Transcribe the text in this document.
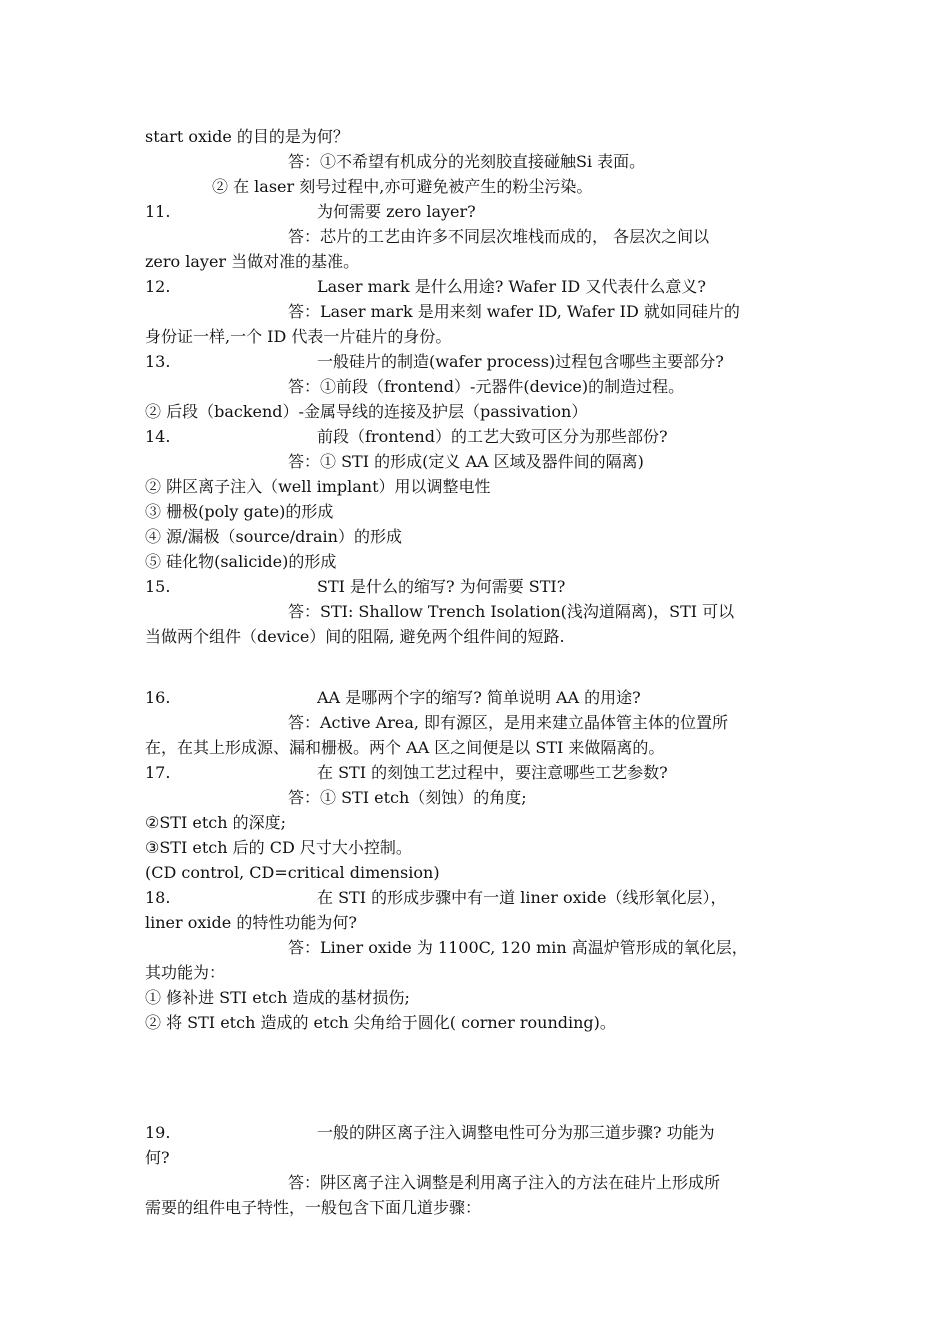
start oxide 的目的是为何？
答：①不希望有机成分的光刻胶直接碰触Si 表面。
② 在 laser 刻号过程中,亦可避免被产生的粉尘污染。
11.	为何需要 zero layer?
答：芯片的工艺由许多不同层次堆栈而成的， 各层次之间以
zero layer 当做对准的基准。
12.	Laser mark 是什么用途? Wafer ID 又代表什么意义?
答：Laser mark 是用来刻 wafer ID, Wafer ID 就如同硅片的
身份证一样,一个 ID 代表一片硅片的身份。
13.	一般硅片的制造(wafer process)过程包含哪些主要部分?
答：①前段（frontend）-元器件(device)的制造过程。
② 后段（backend）-金属导线的连接及护层（passivation）
14.	前段（frontend）的工艺大致可区分为那些部份?
答：① STI 的形成(定义 AA 区域及器件间的隔离)
② 阱区离子注入（well implant）用以调整电性
③ 栅极(poly gate)的形成
④ 源/漏极（source/drain）的形成
⑤ 硅化物(salicide)的形成
15.	STI 是什么的缩写? 为何需要 STI?
答：STI: Shallow Trench Isolation(浅沟道隔离)，STI 可以
当做两个组件（device）间的阻隔, 避免两个组件间的短路.
16.	AA 是哪两个字的缩写? 简单说明 AA 的用途?
答：Active Area, 即有源区，是用来建立晶体管主体的位置所
在，在其上形成源、漏和栅极。两个 AA 区之间便是以 STI 来做隔离的。
17.	在 STI 的刻蚀工艺过程中，要注意哪些工艺参数?
答：① STI etch（刻蚀）的角度;
②STI etch 的深度;
③STI etch 后的 CD 尺寸大小控制。
(CD control, CD=critical dimension)
18.	在 STI 的形成步骤中有一道 liner oxide（线形氧化层），
liner oxide 的特性功能为何?
答：Liner oxide 为 1100C, 120 min 高温炉管形成的氧化层，
其功能为：
① 修补进 STI etch 造成的基材损伤;
② 将 STI etch 造成的 etch 尖角给于圆化( corner rounding)。
19.	一般的阱区离子注入调整电性可分为那三道步骤? 功能为
何?
答：阱区离子注入调整是利用离子注入的方法在硅片上形成所
需要的组件电子特性，一般包含下面几道步骤：
